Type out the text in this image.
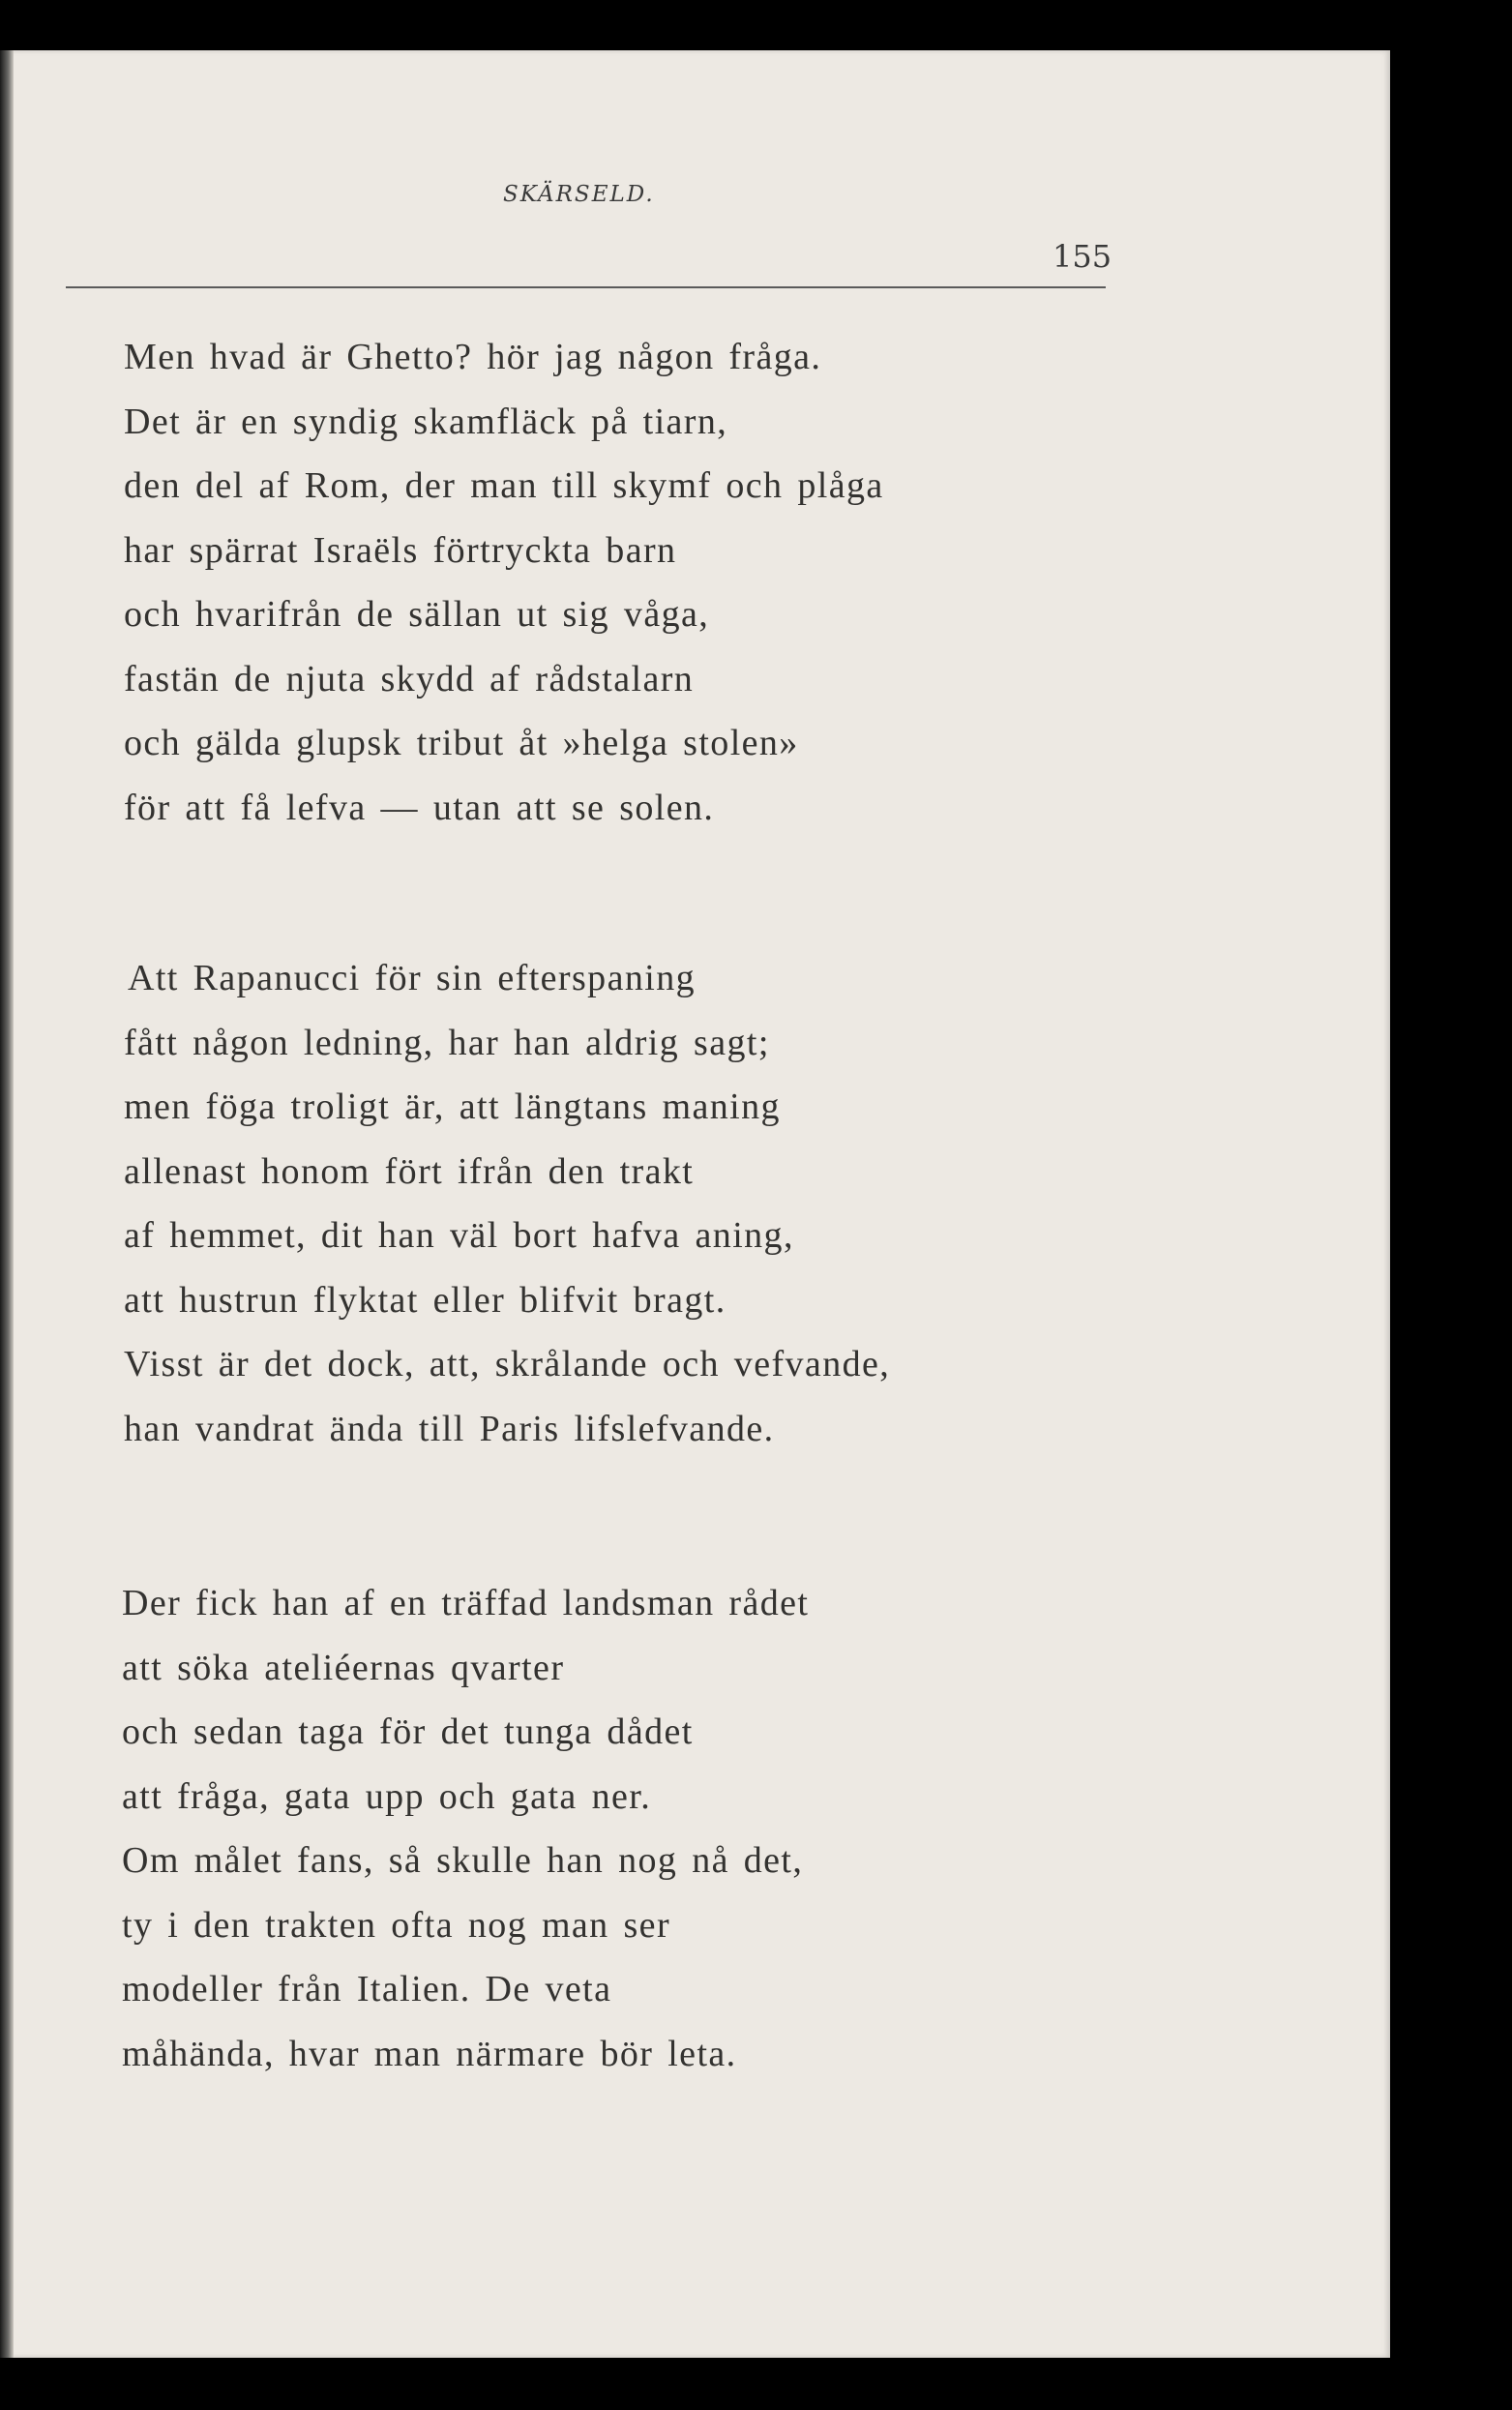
SKÄRSELD.
155
Men hvad är Ghetto? hör jag någon fråga.
Det är en syndig skamfläck på tiarn,
den del af Rom, der man till skymf och plåga
har spärrat Israëls förtryckta barn
och hvarifrån de sällan ut sig våga,
fastän de njuta skydd af rådstalarn
och gälda glupsk tribut åt »helga stolen»
för att få lefva — utan att se solen.
Att Rapanucci för sin efterspaning
fått någon ledning, har han aldrig sagt;
men föga troligt är, att längtans maning
allenast honom fört ifrån den trakt
af hemmet, dit han väl bort hafva aning,
att hustrun flyktat eller blifvit bragt.
Visst är det dock, att, skrålande och vefvande,
han vandrat ända till Paris lifslefvande.
Der fick han af en träffad landsman rådet
att söka ateliéernas qvarter
och sedan taga för det tunga dådet
att fråga, gata upp och gata ner.
Om målet fans, så skulle han nog nå det,
ty i den trakten ofta nog man ser
modeller från Italien. De veta
måhända, hvar man närmare bör leta.
